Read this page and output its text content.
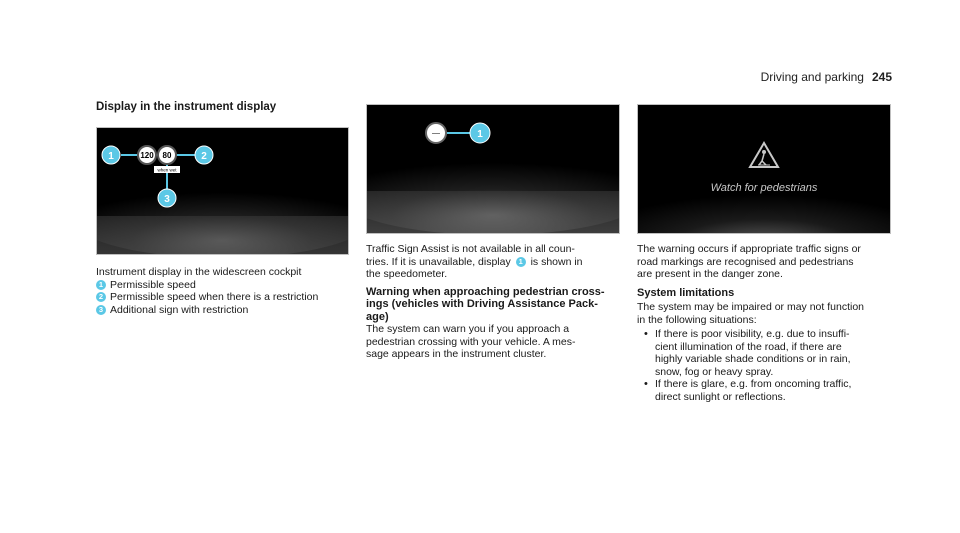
Driving and parking 245

Display in the instrument display

1	2
3
120 80
when wet

Instrument display in the widescreen cockpit

1 Permissible speed
2 Permissible speed when there is a restriction
3 Additional sign with restriction
—	1

Traffic Sign Assist is not available in all coun-

tries. If it is unavailable, display 1 is shown in

the speedometer.

Warning when approaching pedestrian cross-

ings (vehicles with Driving Assistance Pack-

age)

The system can warn you if you approach a

pedestrian crossing with your vehicle. A mes-

sage appears in the instrument cluster.

Watch for pedestrians

The warning occurs if appropriate traffic signs or

road markings are recognised and pedestrians

are present in the danger zone.

System limitations

The system may be impaired or may not function

in the following situations:

• If there is poor visibility, e.g. due to insuffi-
cient illumination of the road, if there are
highly variable shade conditions or in rain,
snow, fog or heavy spray.
• If there is glare, e.g. from oncoming traffic,
direct sunlight or reflections.
